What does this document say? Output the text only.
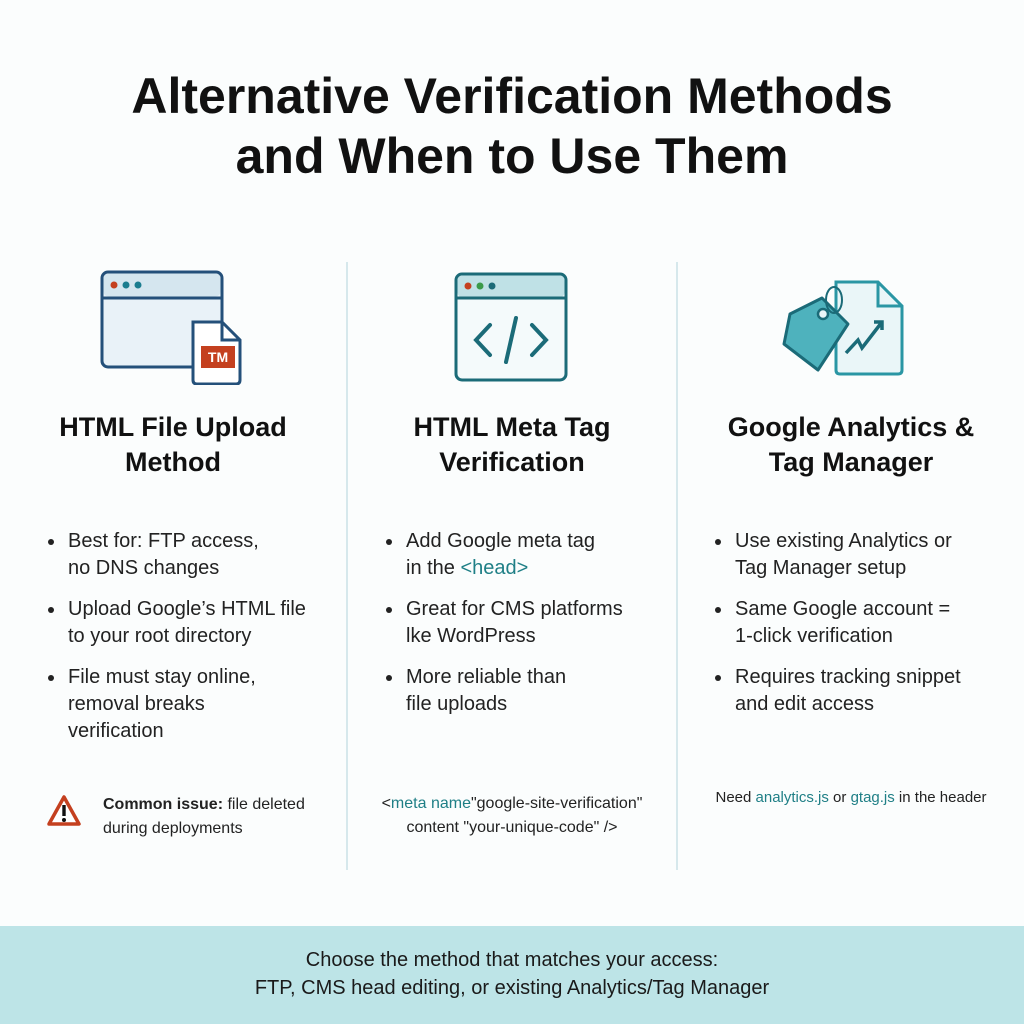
Alternative Verification Methods
and When to Use Them
TM
HTML File Upload Method
Best for: FTP access,
no DNS changes
Upload Google’s HTML file
to your root directory
File must stay online,
removal breaks
verification
Common issue: file deleted during deployments
HTML Meta Tag Verification
Add Google meta tag
in the <head>
Great for CMS platforms
lke WordPress
More reliable than
file uploads
<meta name"google-site-verification"
content "your-unique-code" />
Google Analytics & Tag Manager
Use existing Analytics or
Tag Manager setup
Same Google account =
1-click verification
Requires tracking snippet
and edit access
Need analytics.js or gtag.js in the header
Choose the method that matches your access:
FTP, CMS head editing, or existing Analytics/Tag Manager
